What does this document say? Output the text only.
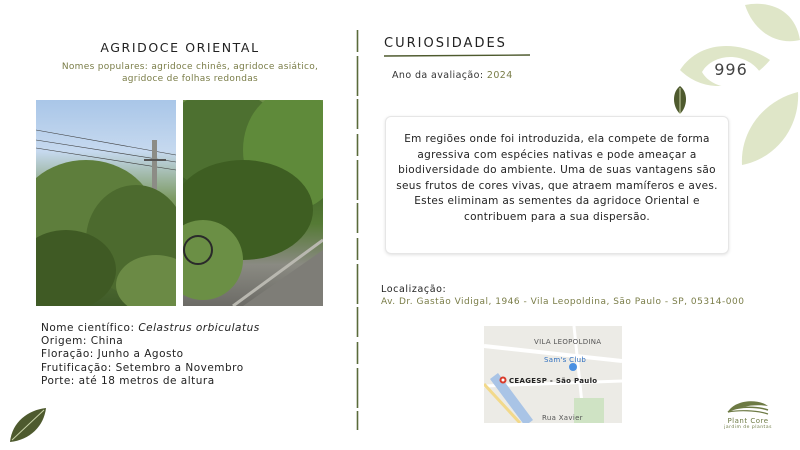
996
AGRIDOCE ORIENTAL
Nomes populares: agridoce chinês, agridoce asiático, agridoce de folhas redondas
Nome científico: Celastrus orbiculatus
Origem: China
Floração: Junho a Agosto
Frutificação: Setembro a Novembro
Porte: até 18 metros de altura
CURIOSIDADES
Ano da avaliação: 2024
Em regiões onde foi introduzida, ela compete de forma agressiva com espécies nativas e pode ameaçar a biodiversidade do ambiente. Uma de suas vantagens são seus frutos de cores vivas, que atraem mamíferos e aves. Estes eliminam as sementes da agridoce Oriental e contribuem para a sua dispersão.
Localização:
Av. Dr. Gastão Vidigal, 1946 - Vila Leopoldina, São Paulo - SP, 05314-000
VILA LEOPOLDINA
Sam's Club
CEAGESP - São Paulo
Rua Xavier	Plant Core
jardim de plantas
